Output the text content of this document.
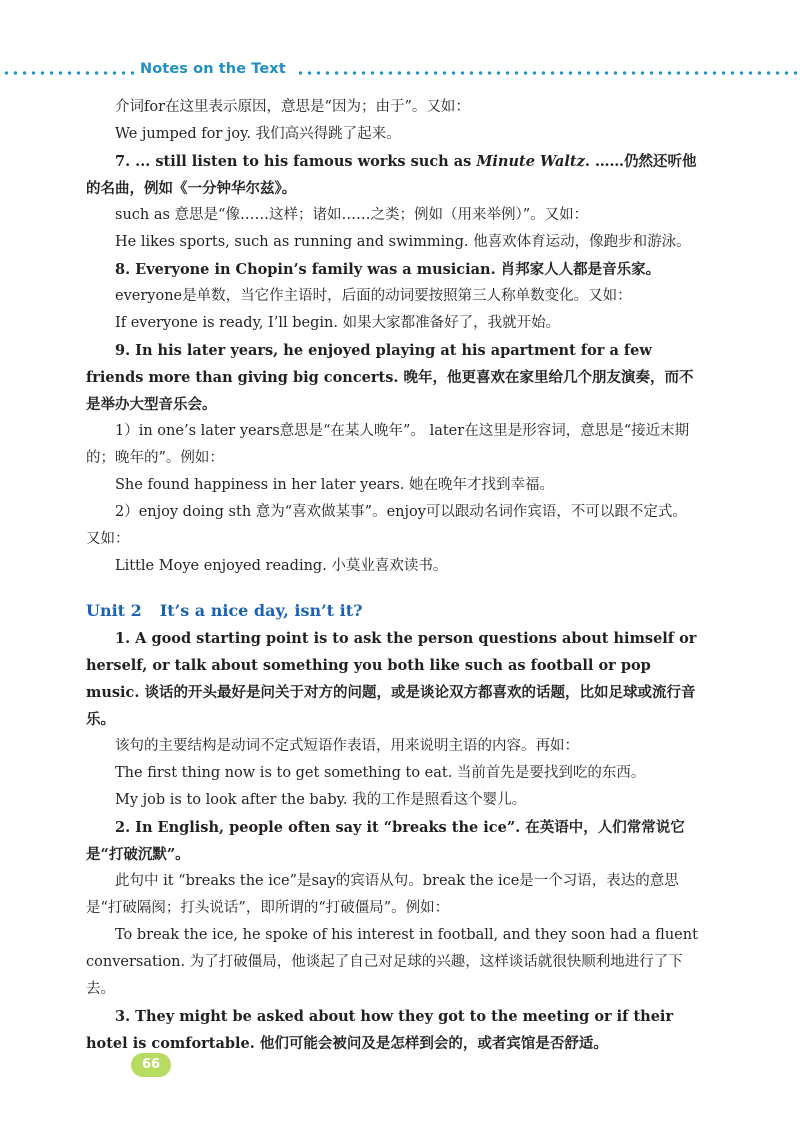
Notes on the Text

介词for在这里表示原因，意思是“因为；由于”。又如：

We jumped for joy. 我们高兴得跳了起来。

7. ... still listen to his famous works such as Minute Waltz. ……仍然还听他的名曲，例如《一分钟华尔兹》。

such as 意思是“像……这样；诸如……之类；例如（用来举例）”。又如：

He likes sports, such as running and swimming. 他喜欢体育运动，像跑步和游泳。

8. Everyone in Chopin’s family was a musician. 肖邦家人人都是音乐家。

everyone是单数，当它作主语时，后面的动词要按照第三人称单数变化。又如：

If everyone is ready, I’ll begin. 如果大家都准备好了，我就开始。

9. In his later years, he enjoyed playing at his apartment for a few friends more than giving big concerts. 晚年，他更喜欢在家里给几个朋友演奏，而不是举办大型音乐会。

1）in one’s later years意思是“在某人晚年”。 later在这里是形容词，意思是“接近末期的；晚年的”。例如：

She found happiness in her later years. 她在晚年才找到幸福。

2）enjoy doing sth 意为“喜欢做某事”。enjoy可以跟动名词作宾语，不可以跟不定式。又如：

Little Moye enjoyed reading. 小莫业喜欢读书。

Unit 2 It’s a nice day, isn’t it?

1. A good starting point is to ask the person questions about himself or herself, or talk about something you both like such as football or pop music. 谈话的开头最好是问关于对方的问题，或是谈论双方都喜欢的话题，比如足球或流行音乐。

该句的主要结构是动词不定式短语作表语，用来说明主语的内容。再如：

The first thing now is to get something to eat. 当前首先是要找到吃的东西。

My job is to look after the baby. 我的工作是照看这个婴儿。

2. In English, people often say it “breaks the ice”. 在英语中，人们常常说它是“打破沉默”。

此句中 it “breaks the ice”是say的宾语从句。break the ice是一个习语，表达的意思是“打破隔阂；打头说话”，即所谓的“打破僵局”。例如：

To break the ice, he spoke of his interest in football, and they soon had a fluent conversation. 为了打破僵局，他谈起了自己对足球的兴趣，这样谈话就很快顺利地进行了下去。

3. They might be asked about how they got to the meeting or if their hotel is comfortable. 他们可能会被问及是怎样到会的，或者宾馆是否舒适。

66
